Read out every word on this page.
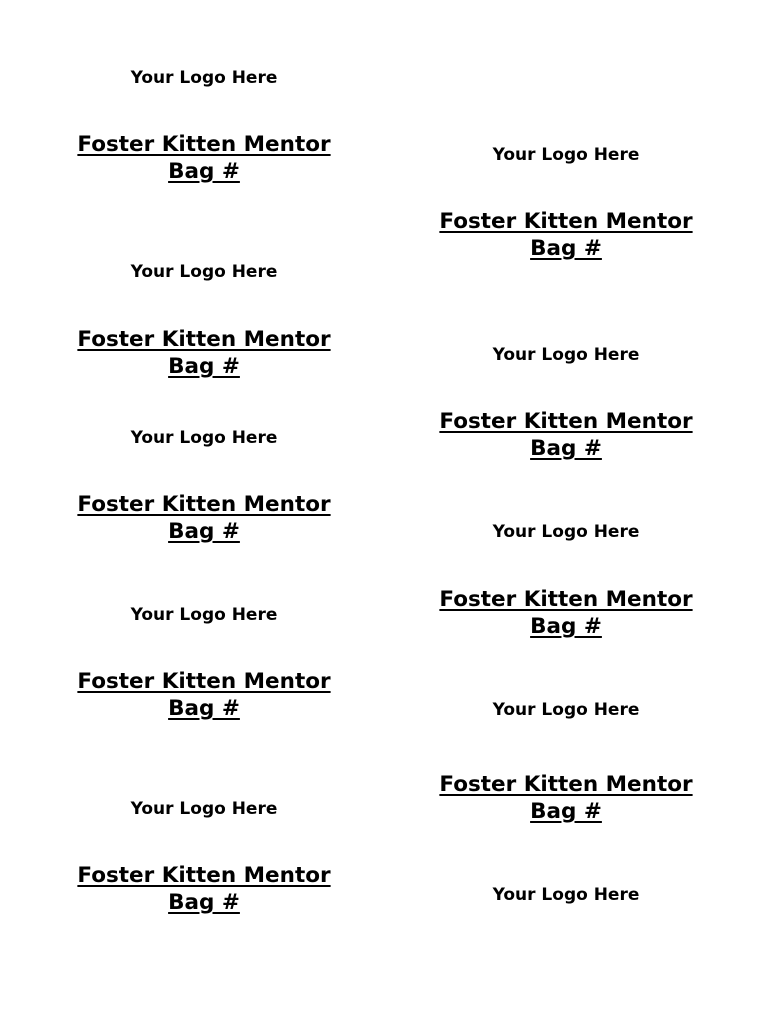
Your Logo Here
Foster Kitten Mentor
Bag #
Your Logo Here
Foster Kitten Mentor
Bag #
Your Logo Here
Foster Kitten Mentor
Bag #
Your Logo Here
Foster Kitten Mentor
Bag #
Your Logo Here
Foster Kitten Mentor
Bag #
Your Logo Here
Foster Kitten Mentor
Bag #
Your Logo Here
Foster Kitten Mentor
Bag #
Your Logo Here
Foster Kitten Mentor
Bag #
Your Logo Here
Foster Kitten Mentor
Bag #
Your Logo Here
